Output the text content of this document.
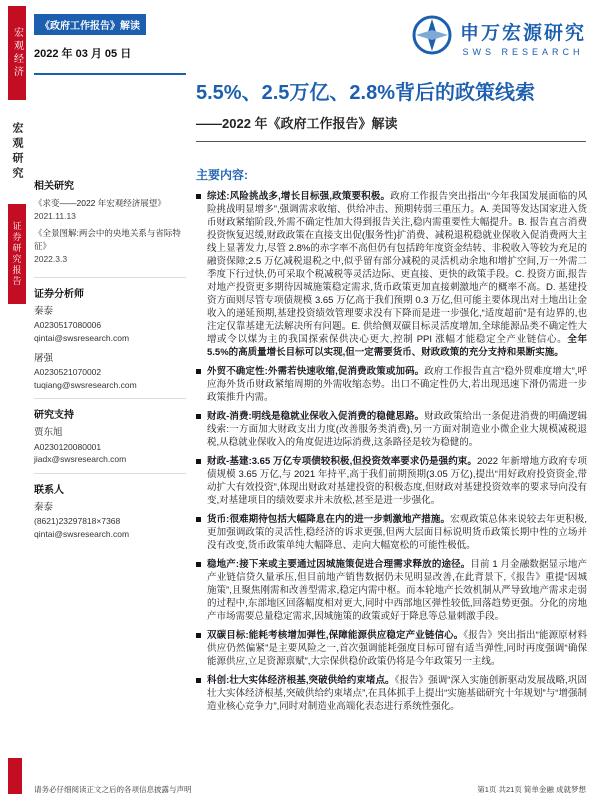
宏观经济
宏观研究
证券研究报告
《政府工作报告》解读
2022 年 03 月 05 日
申万宏源研究
SWS RESEARCH
5.5%、2.5万亿、2.8%背后的政策线索
——2022 年《政府工作报告》解读
相关研究
《求变——2022 年宏观经济展望》
2021.11.13
《全景图解:两会中的央地关系与省际特征》
2022.3.3
证券分析师
秦泰
A0230517080006
qintai@swsresearch.com
屠强
A0230521070002
tuqiang@swsresearch.com
研究支持
贾东旭
A0230120080001
jiadx@swsresearch.com
联系人
秦泰
(8621)23297818×7368
qintai@swsresearch.com
主要内容:

综述:风险挑战多,增长目标强,政策要积极。政府工作报告突出指出“今年我国发展面临的风险挑战明显增多”,强调需求收缩、供给冲击、预期转弱三重压力。A. 美国等发达国家进入货币财政紧缩阶段,外需不确定性加大得到报告关注,稳内需重要性大幅提升。B. 报告直言消费投资恢复迟缓,财政政策在直接支出促(服务性)扩消费、减税退税稳就业保收入促消费两大主线上显著发力,尽管 2.8%的赤字率不高但仍有包括跨年度资金结转、非税收入等较为充足的融资保障;2.5 万亿减税退税之中,似乎留有部分减税的灵活机动余地和增扩空间,万一外需二季度下行过快,仍可采取个税减税等灵活边际、更直接、更快的政策手段。C. 投资方面,报告对地产投资更多期待因城施策稳定需求,货币政策更加直接刺激地产的概率不高。D. 基建投资方面则尽管专项债规模 3.65 万亿高于我们预期 0.3 万亿,但可能主要体现出对土地出让金收入的递延预期,基建投资绩效管理要求没有下降而是进一步强化,“适度超前”是有边界的,也注定仅靠基建无法解决所有问题。E. 供给侧双碳目标灵活度增加,全球能源品类不确定性大增或令以煤为主的我国探索保供决心更大,控制 PPI 涨幅才能稳定全产业链信心。全年 5.5%的高质量增长目标可以实现,但一定需要货币、财政政策的充分支持和果断实施。

外贸不确定性:外需若快速收缩,促消费政策或加码。政府工作报告直言“稳外贸难度增大”,呼应海外货币财政紧缩周期的外需收缩态势。出口不确定性仍大,若出现迅速下滑仍需进一步政策推升内需。

财政-消费:明线是稳就业保收入促消费的稳健思路。财政政策给出一条促进消费的明确逻辑线索:一方面加大财政支出力度(改善服务类消费),另一方面对制造业小微企业大规模减税退税,从稳就业保收入的角度促进边际消费,这条路径是较为稳健的。

财政-基建:3.65 万亿专项债较积极,但投资效率要求仍是强约束。2022 年新增地方政府专项债规模 3.65 万亿,与 2021 年持平,高于我们前期预期(3.05 万亿),提出“用好政府投资资金,带动扩大有效投资”,体现出财政对基建投资的积极态度,但财政对基建投资效率的要求导向没有变,对基建项目的绩效要求并未放松,甚至是进一步强化。

货币:很难期待包括大幅降息在内的进一步刺激地产措施。宏观政策总体来说较去年更积极,更加强调政策的灵活性,稳经济的诉求更强,但两大层面目标说明货币政策长期中性的立场并没有改变,货币政策单纯大幅降息、走向大幅宽松的可能性极低。

稳地产:接下来或主要通过因城施策促进合理需求释放的途径。目前 1 月金融数据显示地产产业链信贷久量承压,但目前地产销售数据仍未见明显改善,在此背景下,《报告》重提“因城施策”,且聚焦刚需和改善型需求,稳定内需中枢。而本轮地产长效机制从严导致地产需求走弱的过程中,东部地区回落幅度相对更大,同时中西部地区弹性较低,回落趋势更强。分化的房地产市场需要总量稳定需求,因城施策的政策或好于降息等总量刺激手段。

双碳目标:能耗考核增加弹性,保障能源供应稳定产业链信心。《报告》突出指出“能源原材料供应仍然偏紧”是主要风险之一,首次强调能耗强度目标可留有适当弹性,同时再度强调“确保能源供应,立足资源禀赋”,大宗保供稳价政策仍将是今年政策另一主线。

科创:壮大实体经济根基,突破供给约束堵点。《报告》强调“深入实施创新驱动发展战略,巩固壮大实体经济根基,突破供给约束堵点”,在具体抓手上提出“实施基础研究十年规划”与“增强制造业核心竞争力”,同时对制造业高端化表态进行系统性强化。

请务必仔细阅读正文之后的各项信息披露与声明	第1页 共21页 简单金融 成就梦想
